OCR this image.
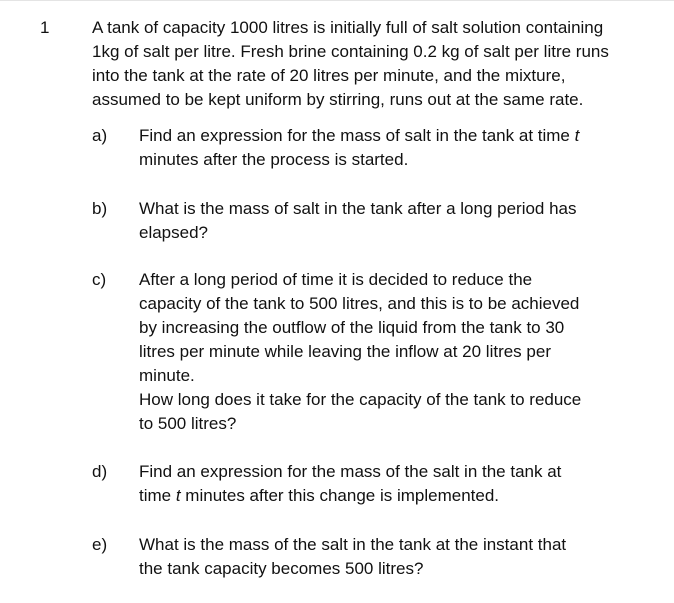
1	A tank of capacity 1000 litres is initially full of salt solution containing
1kg of salt per litre. Fresh brine containing 0.2 kg of salt per litre runs
into the tank at the rate of 20 litres per minute, and the mixture,
assumed to be kept uniform by stirring, runs out at the same rate.
a) Find an expression for the mass of salt in the tank at time t
minutes after the process is started.
b) What is the mass of salt in the tank after a long period has
elapsed?
c) After a long period of time it is decided to reduce the
capacity of the tank to 500 litres, and this is to be achieved
by increasing the outflow of the liquid from the tank to 30
litres per minute while leaving the inflow at 20 litres per
minute.
How long does it take for the capacity of the tank to reduce
to 500 litres?
d) Find an expression for the mass of the salt in the tank at
time t minutes after this change is implemented.
e) What is the mass of the salt in the tank at the instant that
the tank capacity becomes 500 litres?
